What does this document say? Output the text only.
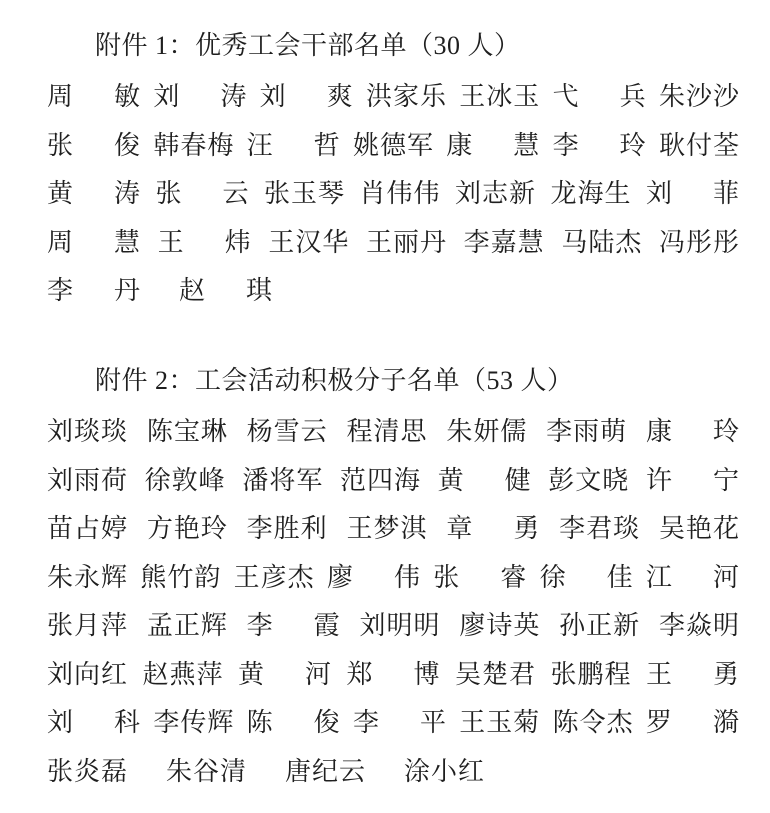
附件 1：优秀工会干部名单（30 人）
周 敏 刘 涛 刘 爽 洪家乐 王冰玉 弋 兵 朱沙沙
张 俊 韩春梅 汪 哲 姚德军 康 慧 李 玲 耿付荃
黄 涛 张 云 张玉琴 肖伟伟 刘志新 龙海生 刘 菲
周 慧 王 炜 王汉华 王丽丹 李嘉慧 马陆杰 冯彤彤
李 丹 赵 琪
附件 2：工会活动积极分子名单（53 人）
刘琰琰 陈宝琳 杨雪云 程清思 朱妍儒 李雨萌 康 玲
刘雨荷 徐敦峰 潘将军 范四海 黄 健 彭文晓 许 宁
苗占婷 方艳玲 李胜利 王梦淇 章 勇 李君琰 吴艳花
朱永辉 熊竹韵 王彦杰 廖 伟 张 睿 徐 佳 江 河
张月萍 孟正辉 李 霞 刘明明 廖诗英 孙正新 李焱明
刘向红 赵燕萍 黄 河 郑 博 吴楚君 张鹏程 王 勇
刘 科 李传辉 陈 俊 李 平 王玉菊 陈令杰 罗 漪
张炎磊 朱谷清 唐纪云 涂小红
